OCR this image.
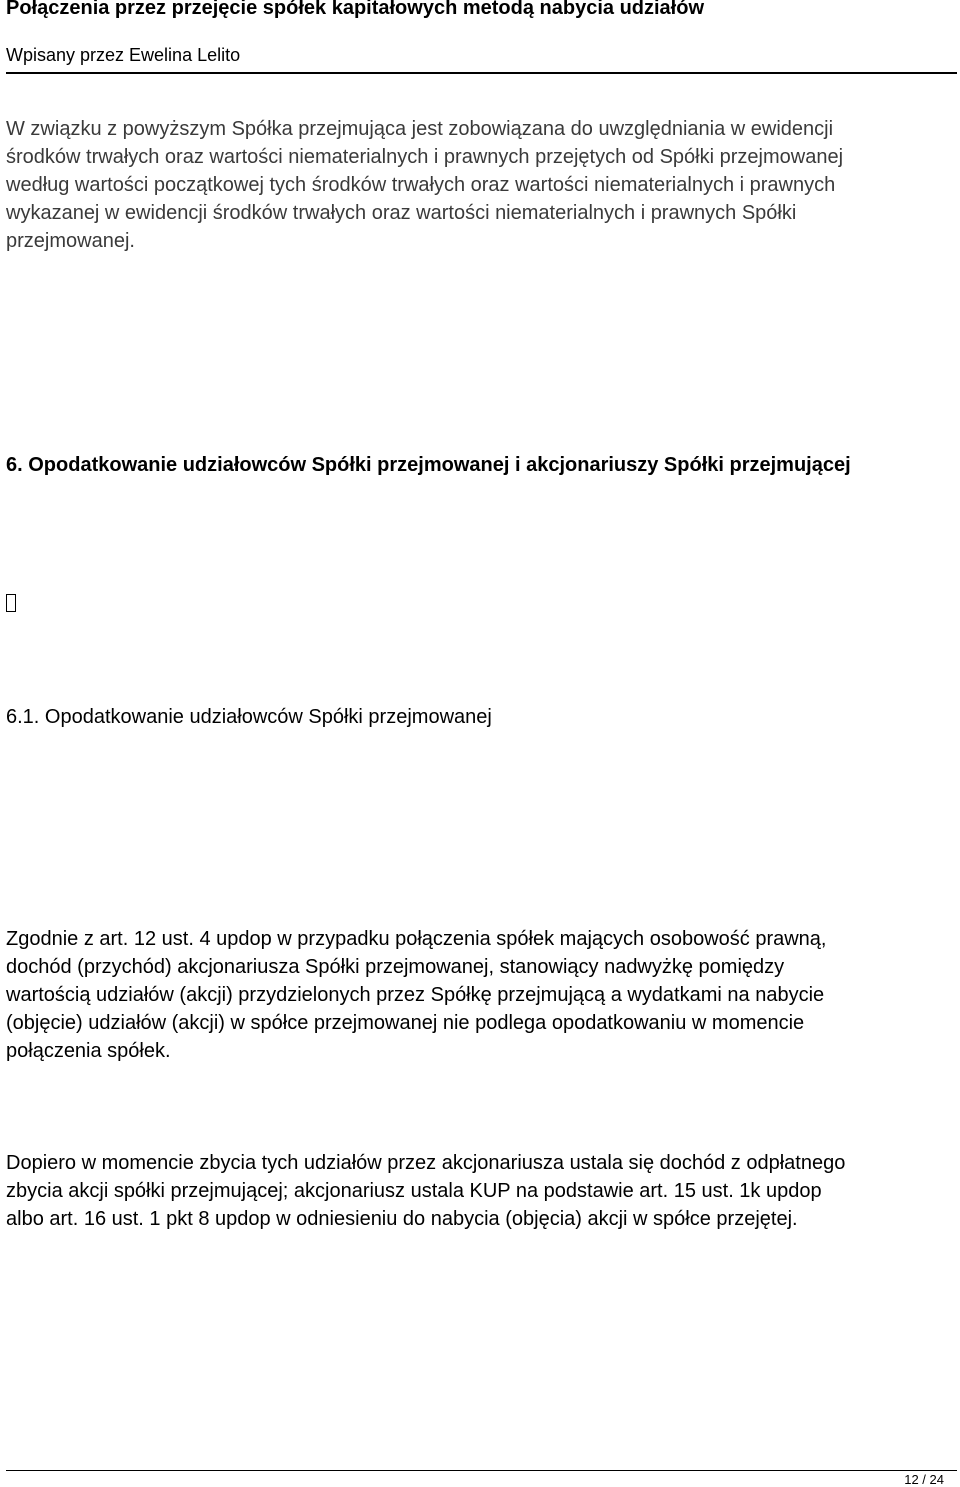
Połączenia przez przejęcie spółek kapitałowych metodą nabycia udziałów
Wpisany przez Ewelina Lelito
W związku z powyższym Spółka przejmująca jest zobowiązana do uwzględniania w ewidencji
środków trwałych oraz wartości niematerialnych i prawnych przejętych od Spółki przejmowanej
według wartości początkowej tych środków trwałych oraz wartości niematerialnych i prawnych
wykazanej w ewidencji środków trwałych oraz wartości niematerialnych i prawnych Spółki
przejmowanej.
6. Opodatkowanie udziałowców Spółki przejmowanej i akcjonariuszy Spółki przejmującej
6.1. Opodatkowanie udziałowców Spółki przejmowanej
Zgodnie z art. 12 ust. 4 updop w przypadku połączenia spółek mających osobowość prawną,
dochód (przychód) akcjonariusza Spółki przejmowanej, stanowiący nadwyżkę pomiędzy
wartością udziałów (akcji) przydzielonych przez Spółkę przejmującą a wydatkami na nabycie
(objęcie) udziałów (akcji) w spółce przejmowanej nie podlega opodatkowaniu w momencie
połączenia spółek.
Dopiero w momencie zbycia tych udziałów przez akcjonariusza ustala się dochód z odpłatnego
zbycia akcji spółki przejmującej; akcjonariusz ustala KUP na podstawie art. 15 ust. 1k updop
albo art. 16 ust. 1 pkt 8 updop w odniesieniu do nabycia (objęcia) akcji w spółce przejętej.
12 / 24
